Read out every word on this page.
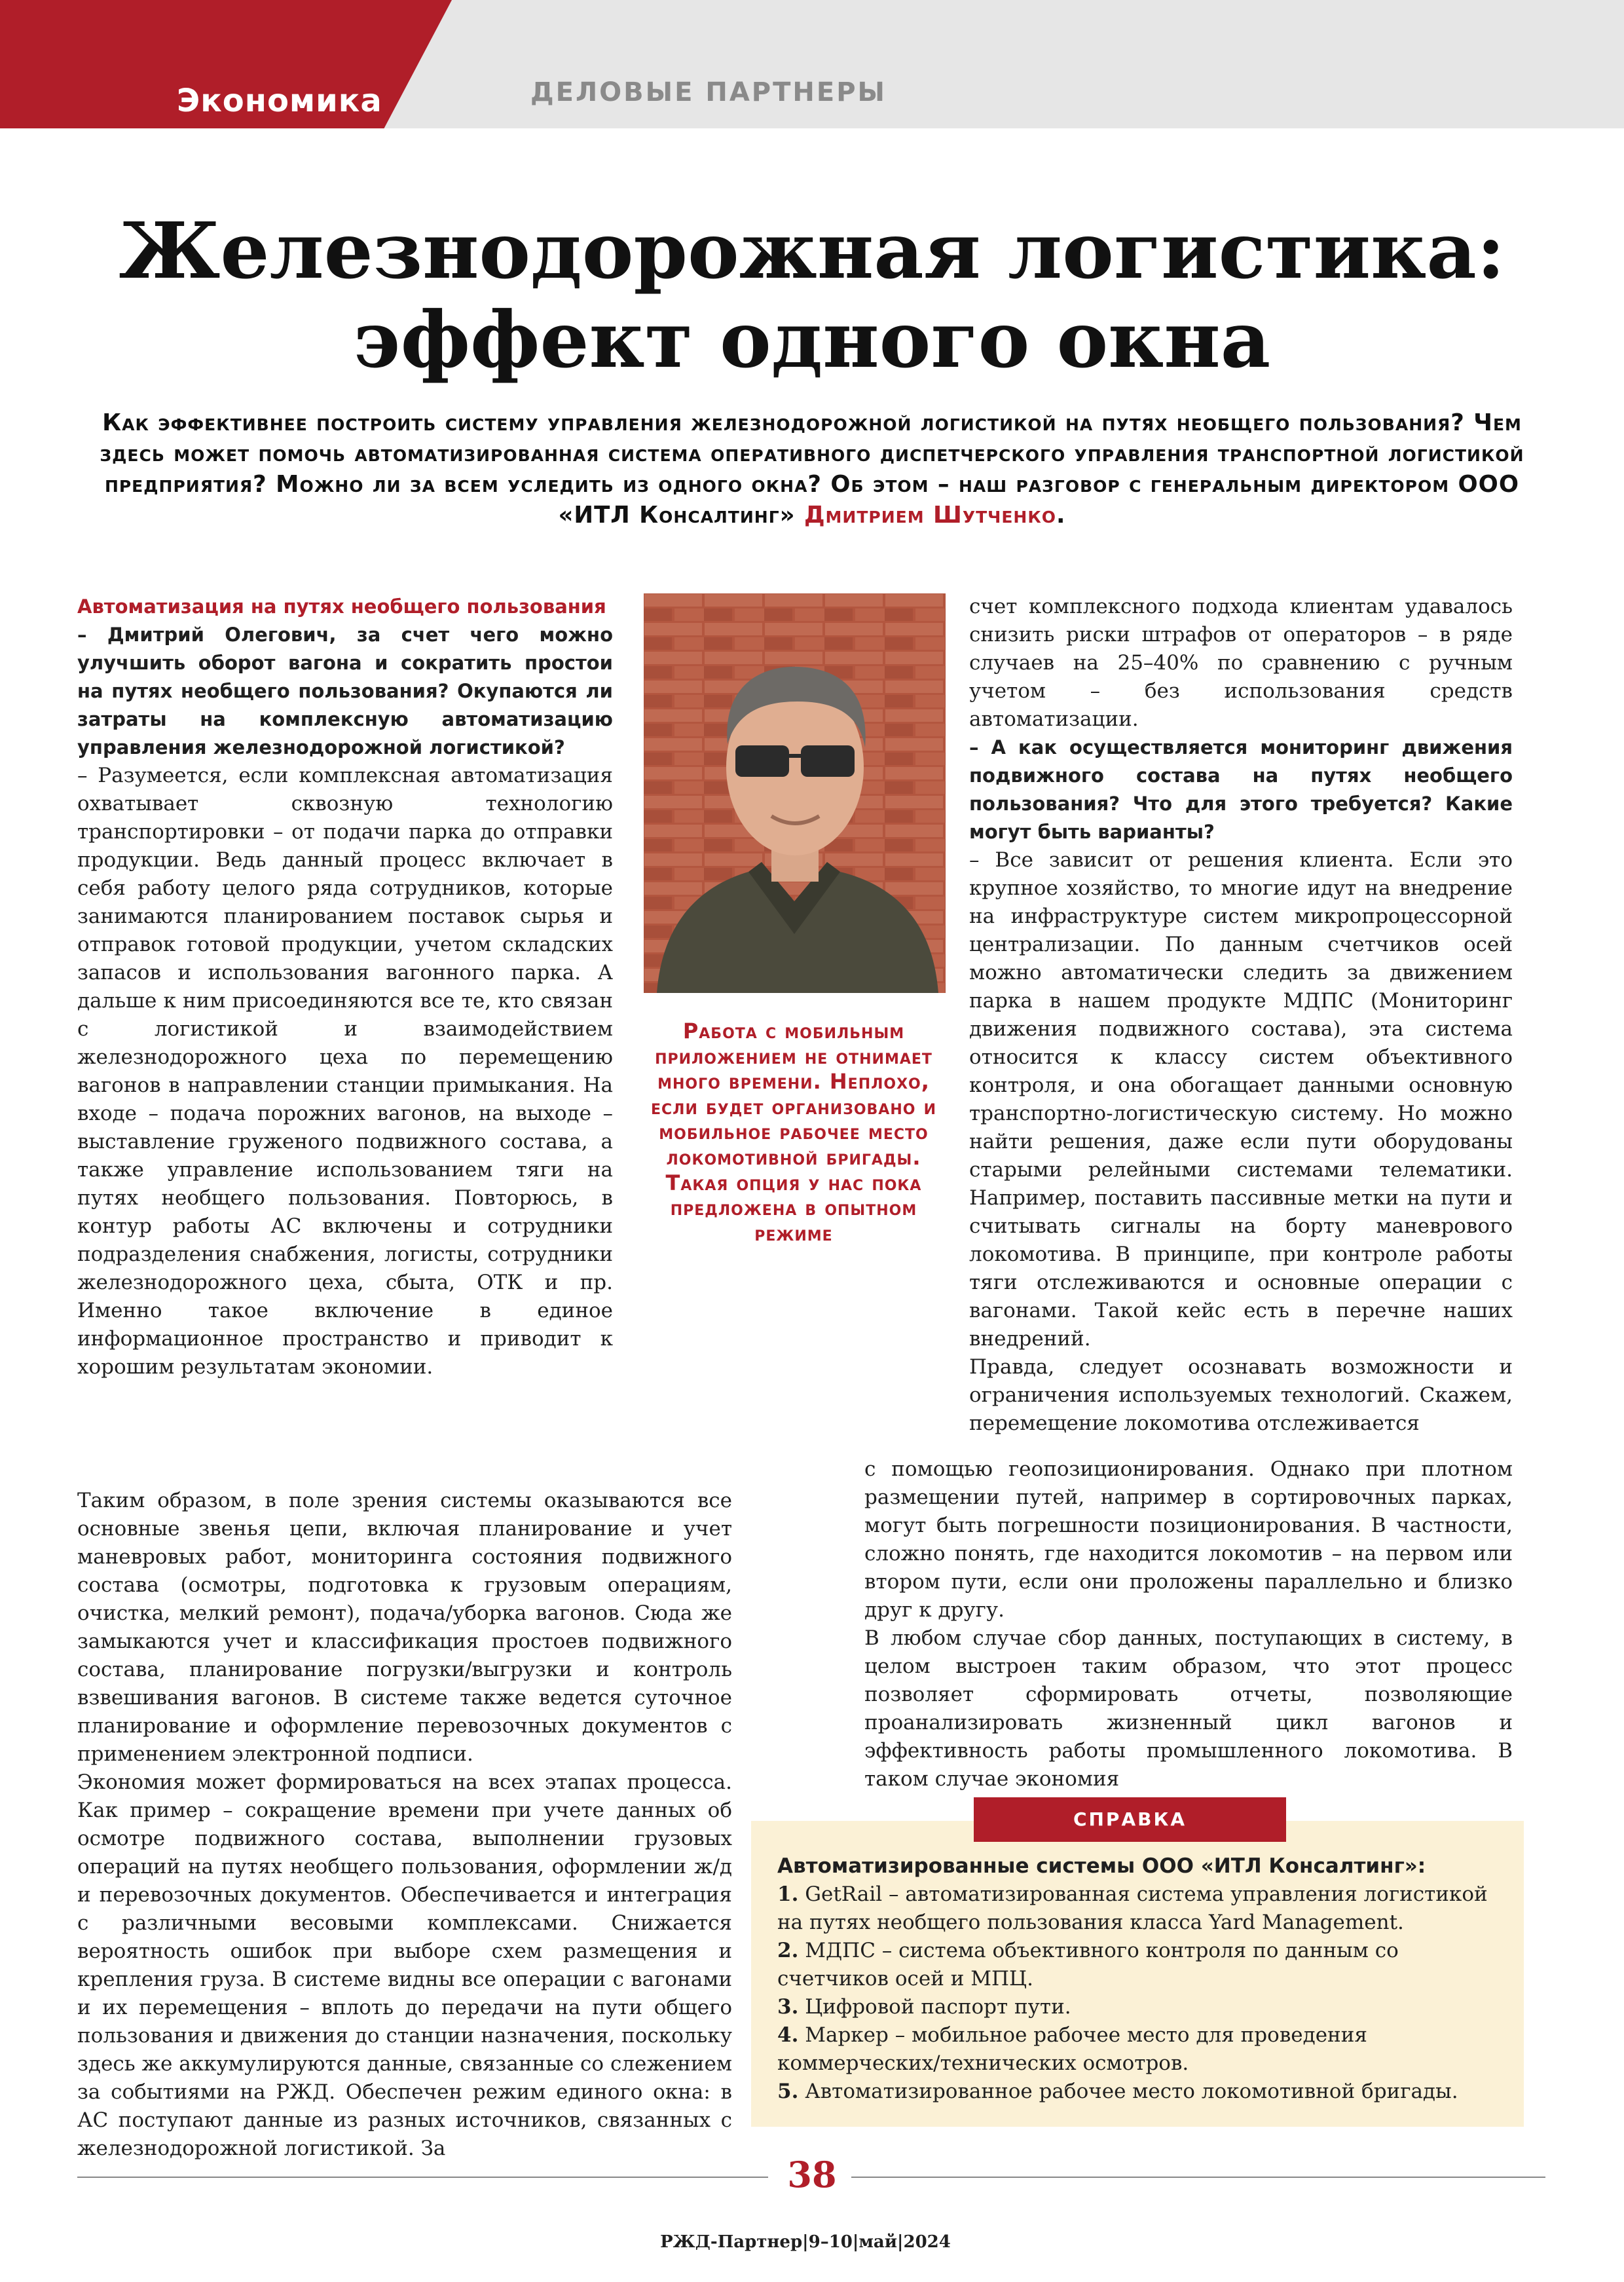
Экономика	ДЕЛОВЫЕ ПАРТНЕРЫ
Железнодорожная логистика:
эффект одного окна
Как эффективнее построить систему управления железнодорожной логистикой на путях необщего пользования? Чем здесь может помочь автоматизированная система оперативного диспетчерского управления транспортной логистикой предприятия? Можно ли за всем уследить из одного окна? Об этом – наш разговор с генеральным директором ООО «ИТЛ Консалтинг» Дмитрием Шутченко.

Автоматизация на путях необщего пользования

– Дмитрий Олегович, за счет чего можно улучшить оборот вагона и сократить простои на путях необщего пользования? Окупаются ли затраты на комплексную автоматизацию управления железнодорожной логистикой?

– Разумеется, если комплексная автоматизация охватывает сквозную технологию транспортировки – от подачи парка до отправки продукции. Ведь данный процесс включает в себя работу целого ряда сотрудников, которые занимаются планированием поставок сырья и отправок готовой продукции, учетом складских запасов и использования вагонного парка. А дальше к ним присоединяются все те, кто связан с логистикой и взаимодействием железнодорожного цеха по перемещению вагонов в направлении станции примыкания. На входе – подача порожних вагонов, на выходе – выставление груженого подвижного состава, а также управление использованием тяги на путях необщего пользования. Повторюсь, в контур работы АС включены и сотрудники подразделения снабжения, логисты, сотрудники железнодорожного цеха, сбыта, ОТК и пр. Именно такое включение в единое информационное пространство и приводит к хорошим результатам экономии.

Таким образом, в поле зрения системы оказываются все основные звенья цепи, включая планирование и учет маневровых работ, мониторинга состояния подвижного состава (осмотры, подготовка к грузовым операциям, очистка, мелкий ремонт), подача/уборка вагонов. Сюда же замыкаются учет и классификация простоев подвижного состава, планирование погрузки/выгрузки и контроль взвешивания вагонов. В системе также ведется суточное планирование и оформление перевозочных документов с применением электронной подписи.

Экономия может формироваться на всех этапах процесса. Как пример – сокращение времени при учете данных об осмотре подвижного состава, выполнении грузовых операций на путях необщего пользования, оформлении ж/д и перевозочных документов. Обеспечивается и интеграция с различными весовыми комплексами. Снижается вероятность ошибок при выборе схем размещения и крепления груза. В системе видны все операции с вагонами и их перемещения – вплоть до передачи на пути общего пользования и движения до станции назначения, поскольку здесь же аккумулируются данные, связанные со слежением за событиями на РЖД. Обеспечен режим единого окна: в АС поступают данные из разных источников, связанных с железнодорожной логистикой. За

Работа с мобильным приложением не отнимает много времени. Неплохо, если будет организовано и мобильное рабочее место локомотивной бригады. Такая опция у нас пока предложена в опытном режиме

счет комплексного подхода клиентам удавалось снизить риски штрафов от операторов – в ряде случаев на 25–40% по сравнению с ручным учетом – без использования средств автоматизации.

– А как осуществляется мониторинг движения подвижного состава на путях необщего пользования? Что для этого требуется? Какие могут быть варианты?

– Все зависит от решения клиента. Если это крупное хозяйство, то многие идут на внедрение на инфраструктуре систем микропроцессорной централизации. По данным счетчиков осей можно автоматически следить за движением парка в нашем продукте МДПС (Мониторинг движения подвижного состава), эта система относится к классу систем объективного контроля, и она обогащает данными основную транспортно-логистическую систему. Но можно найти решения, даже если пути оборудованы старыми релейными системами телематики. Например, поставить пассивные метки на пути и считывать сигналы на борту маневрового локомотива. В принципе, при контроле работы тяги отслеживаются и основные операции с вагонами. Такой кейс есть в перечне наших внедрений.

Правда, следует осознавать возможности и ограничения используемых технологий. Скажем, перемещение локомотива отслеживается

с помощью геопозиционирования. Однако при плотном размещении путей, например в сортировочных парках, могут быть погрешности позиционирования. В частности, сложно понять, где находится локомотив – на первом или втором пути, если они проложены параллельно и близко друг к другу.

В любом случае сбор данных, поступающих в систему, в целом выстроен таким образом, что этот процесс позволяет сформировать отчеты, позволяющие проанализировать жизненный цикл вагонов и эффективность работы промышленного локомотива. В таком случае экономия

СПРАВКА

Автоматизированные системы ООО «ИТЛ Консалтинг»:

1. GetRail – автоматизированная система управления логистикой на путях необщего пользования класса Yard Management.

2. МДПС – система объективного контроля по данным со счетчиков осей и МПЦ.

3. Цифровой паспорт пути.

4. Маркер – мобильное рабочее место для проведения коммерческих/технических осмотров.

5. Автоматизированное рабочее место локомотивной бригады.

38
РЖД-Партнер|9–10|май|2024
